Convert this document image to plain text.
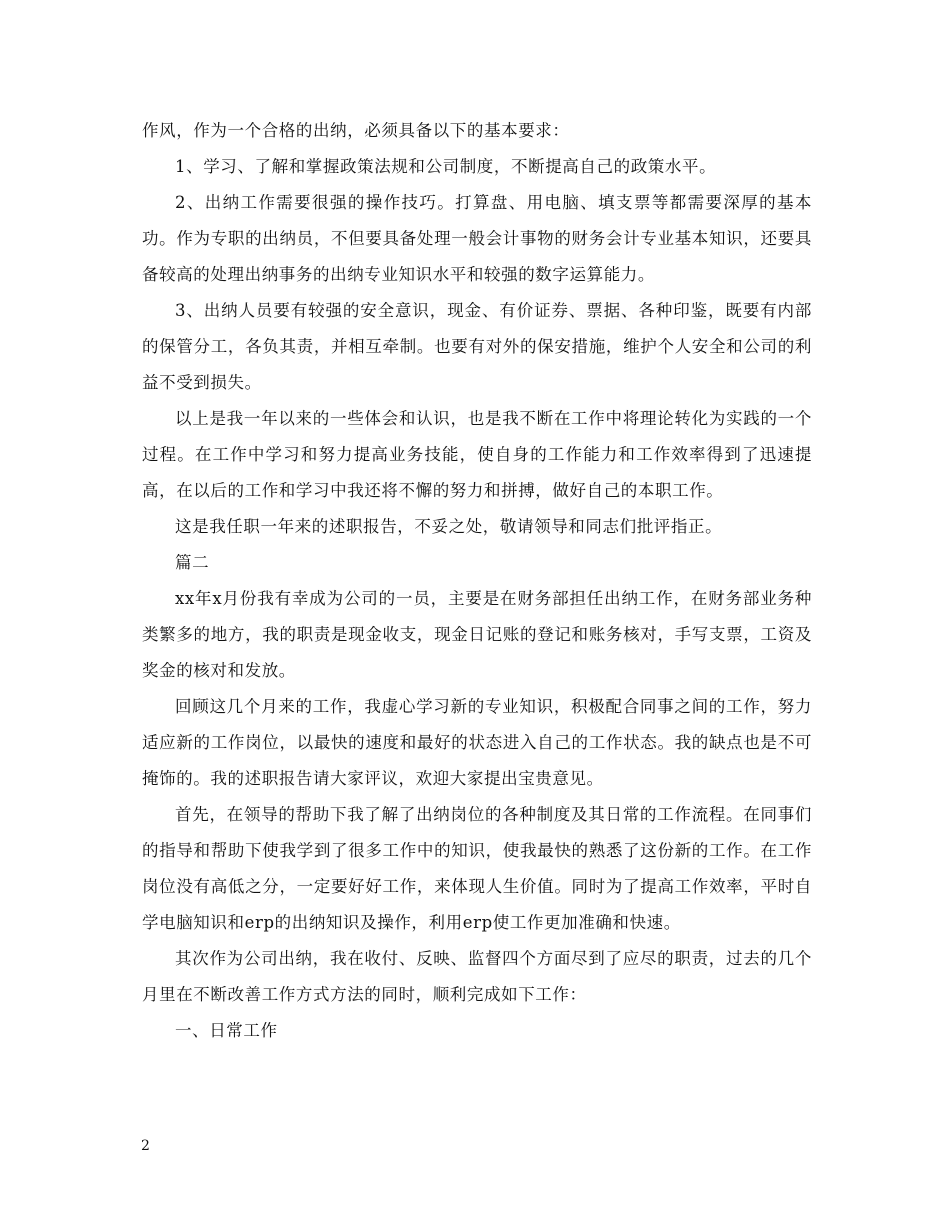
作风，作为一个合格的出纳，必须具备以下的基本要求：

1、学习、了解和掌握政策法规和公司制度，不断提高自己的政策水平。

2、出纳工作需要很强的操作技巧。打算盘、用电脑、填支票等都需要深厚的基本功。作为专职的出纳员，不但要具备处理一般会计事物的财务会计专业基本知识，还要具备较高的处理出纳事务的出纳专业知识水平和较强的数字运算能力。

3、出纳人员要有较强的安全意识，现金、有价证券、票据、各种印鉴，既要有内部的保管分工，各负其责，并相互牵制。也要有对外的保安措施，维护个人安全和公司的利益不受到损失。

以上是我一年以来的一些体会和认识，也是我不断在工作中将理论转化为实践的一个过程。在工作中学习和努力提高业务技能，使自身的工作能力和工作效率得到了迅速提高，在以后的工作和学习中我还将不懈的努力和拼搏，做好自己的本职工作。

这是我任职一年来的述职报告，不妥之处，敬请领导和同志们批评指正。

篇二

xx年x月份我有幸成为公司的一员，主要是在财务部担任出纳工作，在财务部业务种类繁多的地方，我的职责是现金收支，现金日记账的登记和账务核对，手写支票，工资及奖金的核对和发放。

回顾这几个月来的工作，我虚心学习新的专业知识，积极配合同事之间的工作，努力适应新的工作岗位，以最快的速度和最好的状态进入自己的工作状态。我的缺点也是不可掩饰的。我的述职报告请大家评议，欢迎大家提出宝贵意见。

首先，在领导的帮助下我了解了出纳岗位的各种制度及其日常的工作流程。在同事们的指导和帮助下使我学到了很多工作中的知识，使我最快的熟悉了这份新的工作。在工作岗位没有高低之分，一定要好好工作，来体现人生价值。同时为了提高工作效率，平时自学电脑知识和erp的出纳知识及操作，利用erp使工作更加准确和快速。

其次作为公司出纳，我在收付、反映、监督四个方面尽到了应尽的职责，过去的几个月里在不断改善工作方式方法的同时，顺利完成如下工作：

一、日常工作

2
